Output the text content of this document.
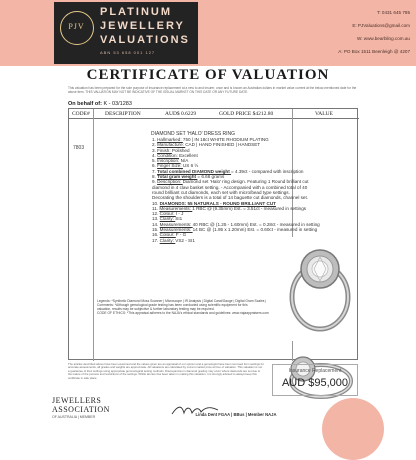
PJV
PLATINUM
JEWELLERY
VALUATIONS
ABN 53 658 001 127
T: 0431 645 785
E: PJValuations@gmail.com
W: www.bearbling.com.au
A: PO Box 1511 Beenleigh @ 4207
CERTIFICATE OF VALUATION
This valuation has been prepared for the sole purpose of insurance replacement at a new to and insurer, once and is known an Australian dollars in market value current at the below-mentioned date for the above item. THIS VALUATION MAY NOT BE INDICATIVE OF THE ISSUAL MARKET ON THIS DATE OR ANY FUTURE DATE.
On behalf of: K - 03/1283
CODE#	DESCRIPTION	AUD$ 0.6229	GOLD PRICE $4212.80	VALUE
7803
DIAMOND SET 'HALO' DRESS RING
1. Hallmarked: 750 | IN 18ct WHITE RHODIUM PLATING
2. Manufacture: CAD | HAND FINISHED | HANDSET
3. Finish: Polished
4. Condition: Excellent
5. Inscription: N/A
6. Finger Size: US 6 ½
7. Total combined DIAMOND weight = 4.39ct - compared with inscription
8. Total gram weight = 6.66 grams
9. Description: Diamond set 'Halo' ring design. Featuring 1 Round brilliant cut
diamond in 4 claw basket setting. - Accompanied with a combined total of 40
round brilliant cut diamonds, each set with micro/bead type settings.
Decorating the shoulders is a total of 14 baguette cut diamonds, channel set.
10. DIAMONDS: 55 NATURALS - ROUND BRILLIANT CUT
11. Measurements: 1 RBC @ (9.35mm) Est. = 3.51ct - measured in settings
12. Colour: I - J
13. Clarity: SI1
14. Measurements: 40 RBC @ (1.25 - 1.60mm) Est. = 0.28ct - measured in setting
15. Measurements: 14 BC @ (1.95 x 1.20mm) Est. = 0.60ct - measured in setting
16. Colour: F - G
17. Clarity: VS2 - SI1
Legends: *Synthetic Diamond Moss Scanner | Microscope | IR Analysis | Digital Carat/Gauge | Digital Gram Scales |
Comments: *Although gemological grade testing has been conducted using scientific equipment for this
valuation, results may be subjective & further laboratory testing may be required.
CODE OF ETHICS: *This appraisal adheres to the NAJA's ethical standards and guidelines: www.najaappraisers.com
The articles described above have been examined and the values given are an appraisal of our opinion and a gemologist have been removed from settings for accurate assessments, all grades and weights are approximate. All valuations are calculated by current market price at time of valuation. This valuation is not a guarantee of their settings using appropriate gemmological testing methods. Discrepancies in diamond grading may occur where diamonds are set due to the nature of the process and restrictions of the settings. Whilst all care has been taken in making this valuation, it is strongly advised to always keep this certificate in safe place.
Insurance Replacement
AUD $95,000
JEWELLERS
ASSOCIATION
OF AUSTRALIA | MEMBER	Linda Dent FGAA | BBus | Member NAJA
